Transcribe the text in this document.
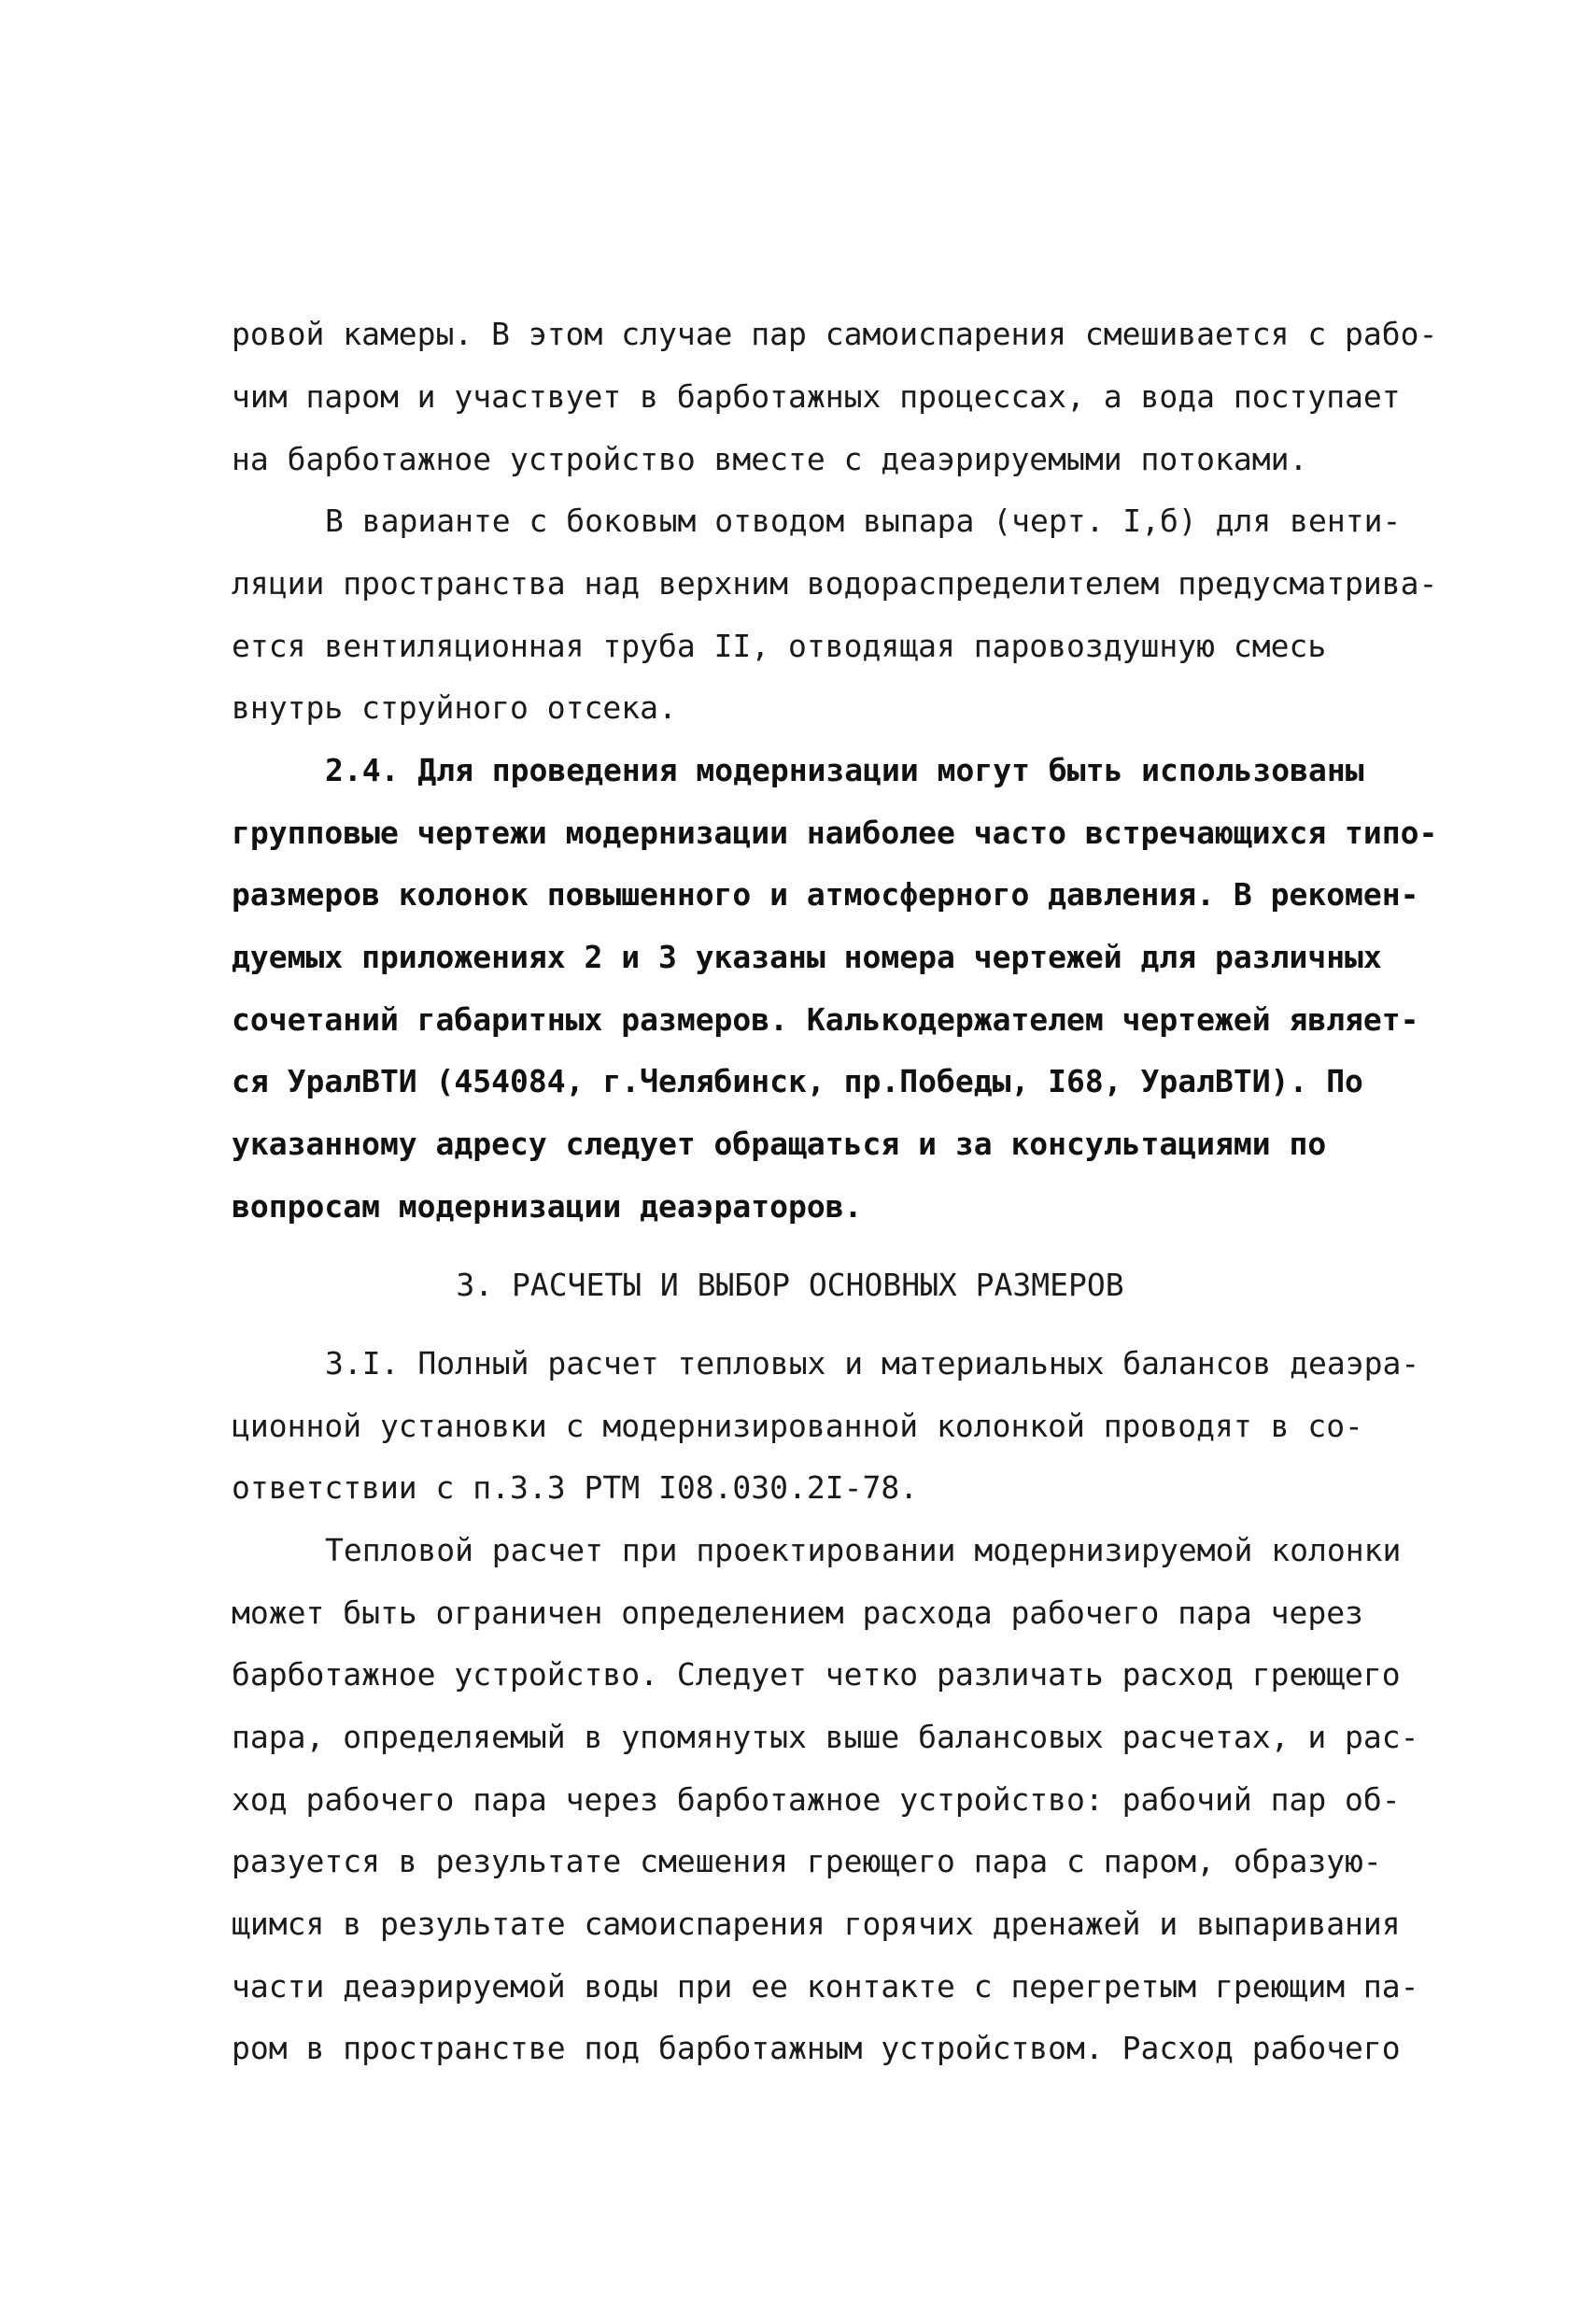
ровой камеры. В этом случае пар самоиспарения смешивается с рабо-
чим паром и участвует в барботажных процессах, а вода поступает
на барботажное устройство вместе с деаэрируемыми потоками.
В варианте с боковым отводом выпара (черт. I,б) для венти-
ляции пространства над верхним водораспределителем предусматрива-
ется вентиляционная труба II, отводящая паровоздушную смесь
внутрь струйного отсека.
2.4. Для проведения модернизации могут быть использованы
групповые чертежи модернизации наиболее часто встречающихся типо-
размеров колонок повышенного и атмосферного давления. В рекомен-
дуемых приложениях 2 и 3 указаны номера чертежей для различных
сочетаний габаритных размеров. Калькодержателем чертежей являет-
ся УралВТИ (454084, г.Челябинск, пр.Победы, I68, УралВТИ). По
указанному адресу следует обращаться и за консультациями по
вопросам модернизации деаэраторов.
3. РАСЧЕТЫ И ВЫБОР ОСНОВНЫХ РАЗМЕРОВ
3.I. Полный расчет тепловых и материальных балансов деаэра-
ционной установки с модернизированной колонкой проводят в со-
ответствии с п.3.3 РТМ I08.030.2I-78.
Тепловой расчет при проектировании модернизируемой колонки
может быть ограничен определением расхода рабочего пара через
барботажное устройство. Следует четко различать расход греющего
пара, определяемый в упомянутых выше балансовых расчетах, и рас-
ход рабочего пара через барботажное устройство: рабочий пар об-
разуется в результате смешения греющего пара с паром, образую-
щимся в результате самоиспарения горячих дренажей и выпаривания
части деаэрируемой воды при ее контакте с перегретым греющим па-
ром в пространстве под барботажным устройством. Расход рабочего
